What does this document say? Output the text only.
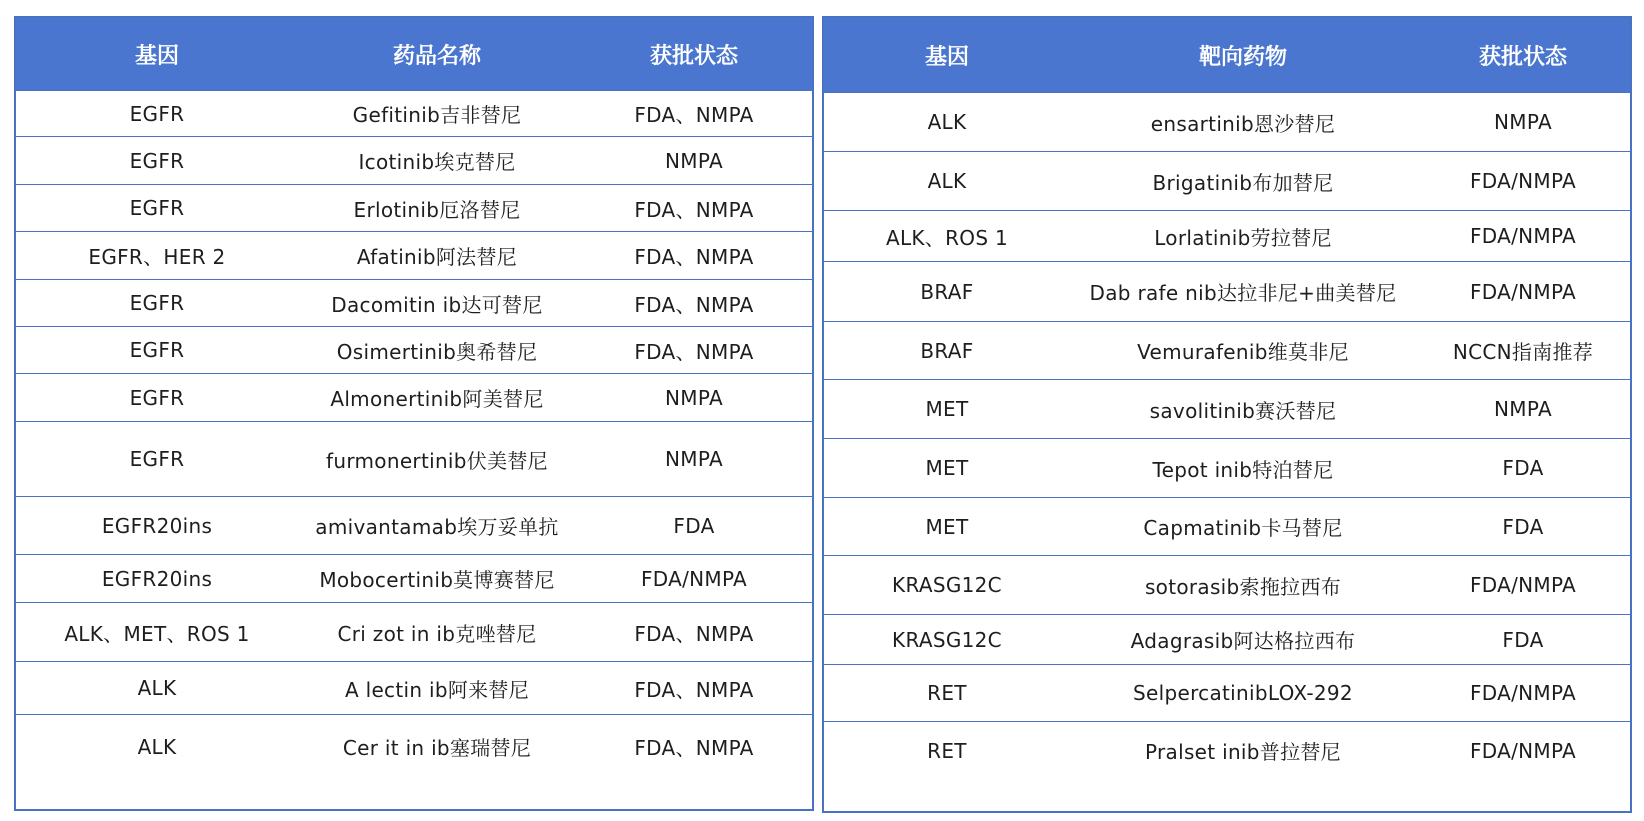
基因	药品名称	获批状态
EGFR	Gefitinib吉非替尼	FDA、NMPA
EGFR	Icotinib埃克替尼	NMPA
EGFR	Erlotinib厄洛替尼	FDA、NMPA
EGFR、HER 2	Afatinib阿法替尼	FDA、NMPA
EGFR	Dacomitin ib达可替尼	FDA、NMPA
EGFR	Osimertinib奥希替尼	FDA、NMPA
EGFR	Almonertinib阿美替尼	NMPA
EGFR	furmonertinib伏美替尼	NMPA
EGFR20ins	amivantamab埃万妥单抗	FDA
EGFR20ins	Mobocertinib莫博赛替尼	FDA/NMPA
ALK、MET、ROS 1	Cri zot in ib克唑替尼	FDA、NMPA
ALK	A lectin ib阿来替尼	FDA、NMPA
ALK	Cer it in ib塞瑞替尼	FDA、NMPA
基因	靶向药物	获批状态
ALK	ensartinib恩沙替尼	NMPA
ALK	Brigatinib布加替尼	FDA/NMPA
ALK、ROS 1	Lorlatinib劳拉替尼	FDA/NMPA
BRAF	Dab rafe nib达拉非尼+曲美替尼	FDA/NMPA
BRAF	Vemurafenib维莫非尼	NCCN指南推荐
MET	savolitinib赛沃替尼	NMPA
MET	Tepot inib特泊替尼	FDA
MET	Capmatinib卡马替尼	FDA
KRASG12C	sotorasib索拖拉西布	FDA/NMPA
KRASG12C	Adagrasib阿达格拉西布	FDA
RET	SelpercatinibLOX-292	FDA/NMPA
RET	Pralset inib普拉替尼	FDA/NMPA
